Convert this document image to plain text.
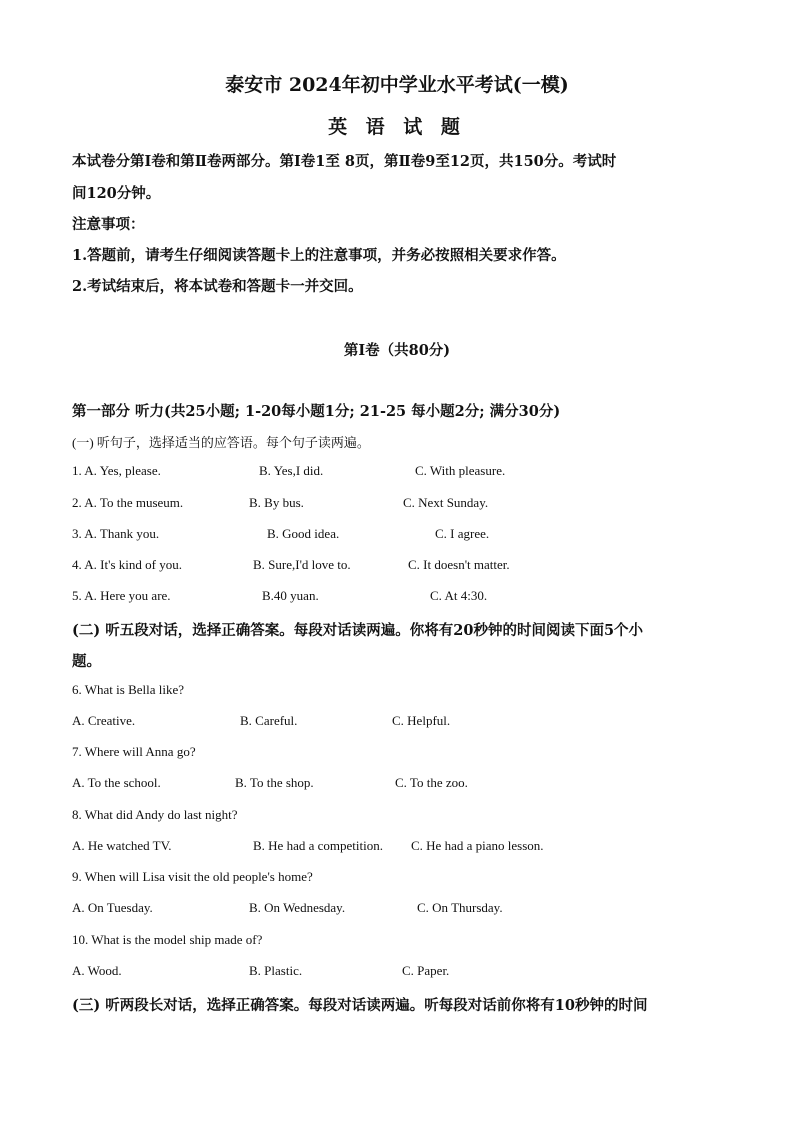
泰安市 2024年初中学业水平考试(一模)
英 语 试 题
本试卷分第Ⅰ卷和第Ⅱ卷两部分。第Ⅰ卷1至 8页，第Ⅱ卷9至12页，共150分。考试时
间120分钟。
注意事项：
1.答题前，请考生仔细阅读答题卡上的注意事项，并务必按照相关要求作答。
2.考试结束后，将本试卷和答题卡一并交回。
第Ⅰ卷（共80分)
第一部分 听力(共25小题; 1-20每小题1分; 21-25 每小题2分; 满分30分)
(一) 听句子，选择适当的应答语。每个句子读两遍。
1. A. Yes, please.	B. Yes,I did.	C. With pleasure.
2. A. To the museum.	B. By bus.	C. Next Sunday.
3. A. Thank you.	B. Good idea.	C. I agree.
4. A. It's kind of you.	B. Sure,I'd love to.	C. It doesn't matter.
5. A. Here you are.	B.40 yuan.	C. At 4:30.
(二) 听五段对话，选择正确答案。每段对话读两遍。你将有20秒钟的时间阅读下面5个小
题。
6. What is Bella like?
A. Creative.	B. Careful.	C. Helpful.
7. Where will Anna go?
A. To the school.	B. To the shop.	C. To the zoo.
8. What did Andy do last night?
A. He watched TV.	B. He had a competition. C. He had a piano lesson.
9. When will Lisa visit the old people's home?
A. On Tuesday.	B. On Wednesday.	C. On Thursday.
10. What is the model ship made of?
A. Wood.	B. Plastic.	C. Paper.
(三) 听两段长对话，选择正确答案。每段对话读两遍。听每段对话前你将有10秒钟的时间
